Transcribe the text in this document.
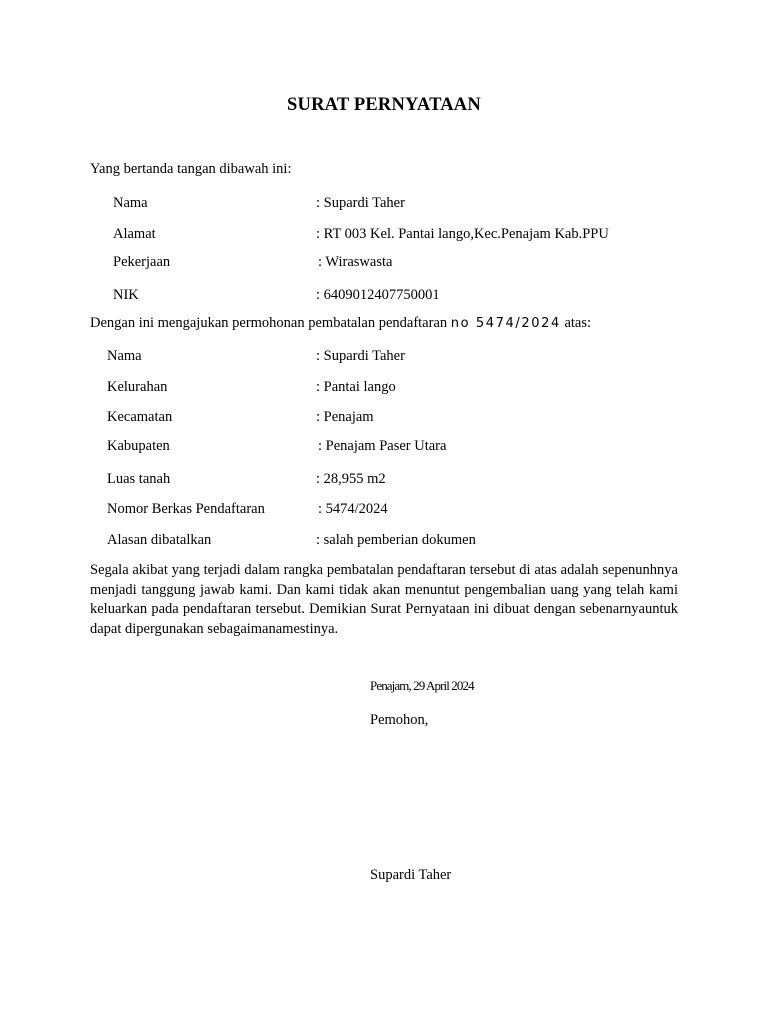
SURAT PERNYATAAN
Yang bertanda tangan dibawah ini:
Nama	: Supardi Taher
Alamat	: RT 003 Kel. Pantai lango,Kec.Penajam Kab.PPU
Pekerjaan	: Wiraswasta
NIK	: 6409012407750001
Dengan ini mengajukan permohonan pembatalan pendaftaran no 5474/2024 atas:
Nama	: Supardi Taher
Kelurahan	: Pantai lango
Kecamatan	: Penajam
Kabupaten	: Penajam Paser Utara
Luas tanah	: 28,955 m2
Nomor Berkas Pendaftaran	: 5474/2024
Alasan dibatalkan	: salah pemberian dokumen
Segala akibat yang terjadi dalam rangka pembatalan pendaftaran tersebut di atas adalah sepenunhnya menjadi tanggung jawab kami. Dan kami tidak akan menuntut pengembalian uang yang telah kami keluarkan pada pendaftaran tersebut. Demikian Surat Pernyataan ini dibuat dengan sebenarnyauntuk dapat dipergunakan sebagaimanamestinya.
Penajam, 29 April 2024
Pemohon,
Supardi Taher
